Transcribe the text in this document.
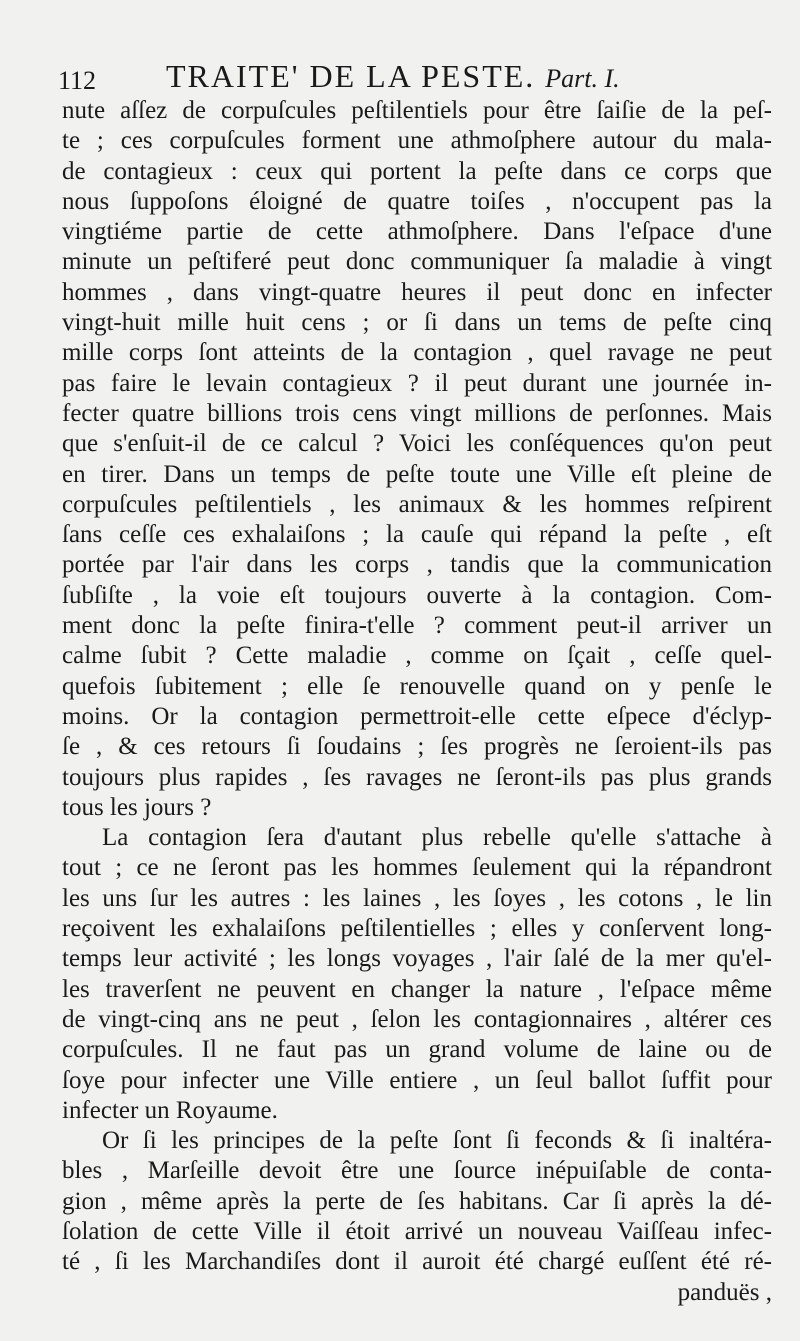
112 TRAITE' DE LA PESTE. Part. I.
nute aſſez de corpuſcules peſtilentiels pour être ſaiſie de la peſ-
te ; ces corpuſcules forment une athmoſphere autour du mala-
de contagieux : ceux qui portent la peſte dans ce corps que
nous ſuppoſons éloigné de quatre toiſes , n'occupent pas la
vingtiéme partie de cette athmoſphere. Dans l'eſpace d'une
minute un peſtiferé peut donc communiquer ſa maladie à vingt
hommes , dans vingt-quatre heures il peut donc en infecter
vingt-huit mille huit cens ; or ſi dans un tems de peſte cinq
mille corps ſont atteints de la contagion , quel ravage ne peut
pas faire le levain contagieux ? il peut durant une journée in-
fecter quatre billions trois cens vingt millions de perſonnes. Mais
que s'enſuit-il de ce calcul ? Voici les conſéquences qu'on peut
en tirer. Dans un temps de peſte toute une Ville eſt pleine de
corpuſcules peſtilentiels , les animaux & les hommes reſpirent
ſans ceſſe ces exhalaiſons ; la cauſe qui répand la peſte , eſt
portée par l'air dans les corps , tandis que la communication
ſubſiſte , la voie eſt toujours ouverte à la contagion. Com-
ment donc la peſte finira-t'elle ? comment peut-il arriver un
calme ſubit ? Cette maladie , comme on ſçait , ceſſe quel-
quefois ſubitement ; elle ſe renouvelle quand on y penſe le
moins. Or la contagion permettroit-elle cette eſpece d'éclyp-
ſe , & ces retours ſi ſoudains ; ſes progrès ne ſeroient-ils pas
toujours plus rapides , ſes ravages ne ſeront-ils pas plus grands
tous les jours ?
La contagion ſera d'autant plus rebelle qu'elle s'attache à
tout ; ce ne ſeront pas les hommes ſeulement qui la répandront
les uns ſur les autres : les laines , les ſoyes , les cotons , le lin
reçoivent les exhalaiſons peſtilentielles ; elles y conſervent long-
temps leur activité ; les longs voyages , l'air ſalé de la mer qu'el-
les traverſent ne peuvent en changer la nature , l'eſpace même
de vingt-cinq ans ne peut , ſelon les contagionnaires , altérer ces
corpuſcules. Il ne faut pas un grand volume de laine ou de
ſoye pour infecter une Ville entiere , un ſeul ballot ſuffit pour
infecter un Royaume.
Or ſi les principes de la peſte ſont ſi feconds & ſi inaltéra-
bles , Marſeille devoit être une ſource inépuiſable de conta-
gion , même après la perte de ſes habitans. Car ſi après la dé-
ſolation de cette Ville il étoit arrivé un nouveau Vaiſſeau infec-
té , ſi les Marchandiſes dont il auroit été chargé euſſent été ré-
panduës ,
